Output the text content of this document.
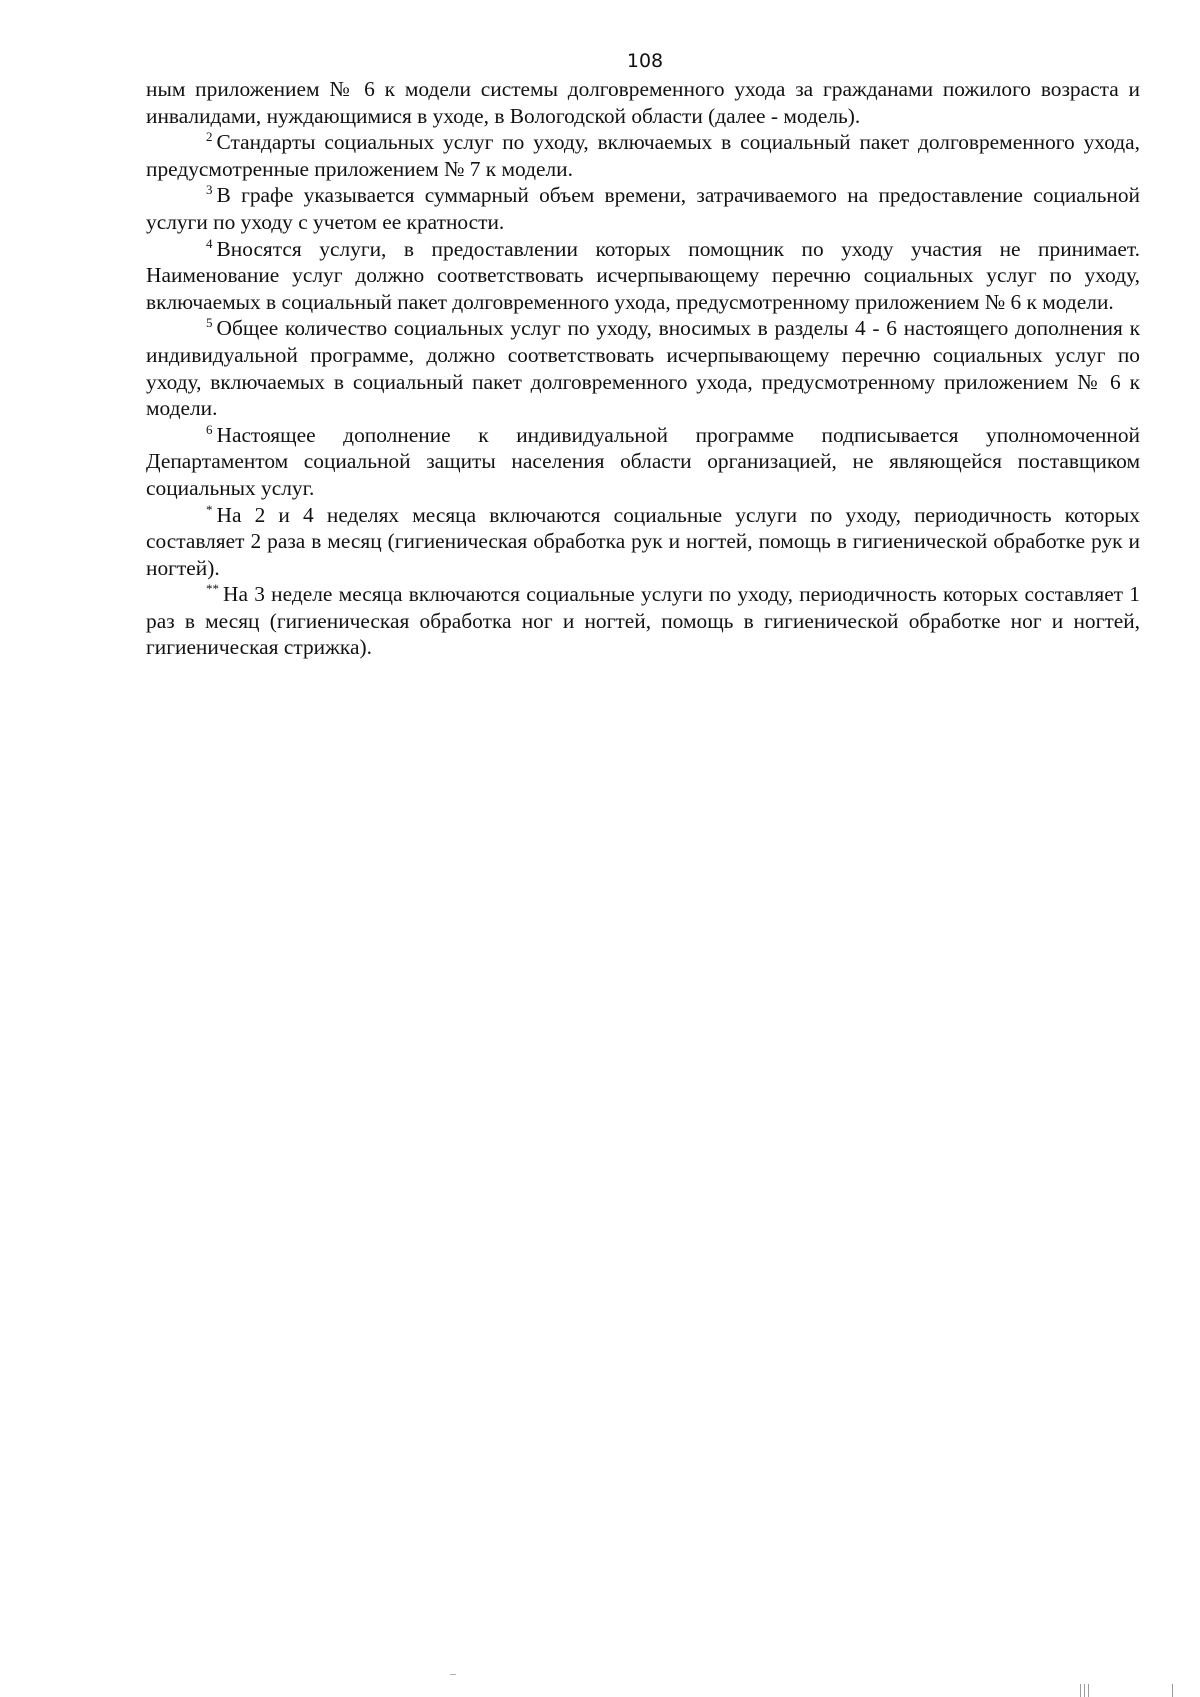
108

ным приложением № 6 к модели системы долговременного ухода за гражданами пожилого возраста и инвалидами, нуждающимися в уходе, в Вологодской области (далее - модель).

$^2$ Стандарты социальных услуг по уходу, включаемых в социальный пакет долговременного ухода, предусмотренные приложением № 7 к модели.

$^3$ В графе указывается суммарный объем времени, затрачиваемого на предоставление социальной услуги по уходу с учетом ее кратности.

$^4$ Вносятся услуги, в предоставлении которых помощник по уходу участия не принимает. Наименование услуг должно соответствовать исчерпывающему перечню социальных услуг по уходу, включаемых в социальный пакет долговременного ухода, предусмотренному приложением № 6 к модели.

$^5$ Общее количество социальных услуг по уходу, вносимых в разделы 4 - 6 настоящего дополнения к индивидуальной программе, должно соответствовать исчерпывающему перечню социальных услуг по уходу, включаемых в социальный пакет долговременного ухода, предусмотренному приложением № 6 к модели.

$^6$ Настоящее дополнение к индивидуальной программе подписывается уполномоченной Департаментом социальной защиты населения области организацией, не являющейся поставщиком социальных услуг.

* На 2 и 4 неделях месяца включаются социальные услуги по уходу, периодичность которых составляет 2 раза в месяц (гигиеническая обработка рук и ногтей, помощь в гигиенической обработке рук и ногтей).

** На 3 неделе месяца включаются социальные услуги по уходу, периодичность которых составляет 1 раз в месяц (гигиеническая обработка ног и ногтей, помощь в гигиенической обработке ног и ногтей, гигиеническая стрижка).
